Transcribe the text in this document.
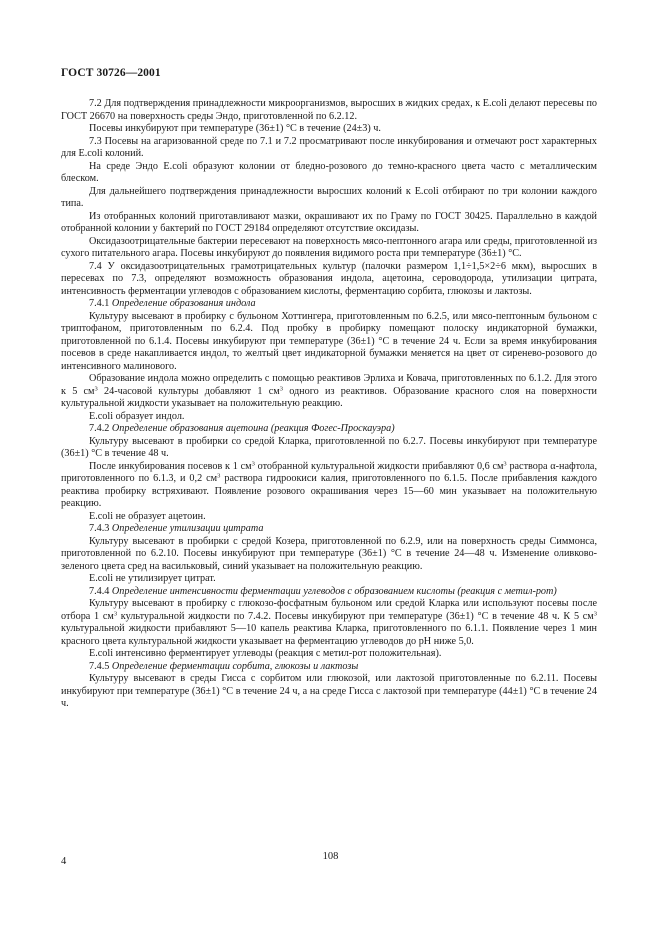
ГОСТ 30726—2001

7.2 Для подтверждения принадлежности микроорганизмов, выросших в жидких средах, к E.coli делают пересевы по ГОСТ 26670 на поверхность среды Эндо, приготовленной по 6.2.12.

Посевы инкубируют при температуре (36±1) °С в течение (24±3) ч.

7.3 Посевы на агаризованной среде по 7.1 и 7.2 просматривают после инкубирования и отмечают рост характерных для E.coli колоний.

На среде Эндо E.coli образуют колонии от бледно-розового до темно-красного цвета часто с металлическим блеском.

Для дальнейшего подтверждения принадлежности выросших колоний к E.coli отбирают по три колонии каждого типа.

Из отобранных колоний приготавливают мазки, окрашивают их по Граму по ГОСТ 30425. Параллельно в каждой отобранной колонии у бактерий по ГОСТ 29184 определяют отсутствие оксидазы.

Оксидазоотрицательные бактерии пересевают на поверхность мясо-пептонного агара или среды, приготовленной из сухого питательного агара. Посевы инкубируют до появления видимого роста при температуре (36±1) °С.

7.4 У оксидазоотрицательных грамотрицательных культур (палочки размером 1,1÷1,5×2÷6 мкм), выросших в пересевах по 7.3, определяют возможность образования индола, ацетоина, сероводорода, утилизации цитрата, интенсивность ферментации углеводов с образованием кислоты, ферментацию сорбита, глюкозы и лактозы.

7.4.1 Определение образования индола

Культуру высевают в пробирку с бульоном Хоттингера, приготовленным по 6.2.5, или мясо-пептонным бульоном с триптофаном, приготовленным по 6.2.4. Под пробку в пробирку помещают полоску индикаторной бумажки, приготовленной по 6.1.4. Посевы инкубируют при температуре (36±1) °С в течение 24 ч. Если за время инкубирования посевов в среде накапливается индол, то желтый цвет индикаторной бумажки меняется на цвет от сиренево-розового до интенсивного малинового.

Образование индола можно определить с помощью реактивов Эрлиха и Ковача, приготовленных по 6.1.2. Для этого к 5 $см^3$ 24-часовой культуры добавляют 1 $см^3$ одного из реактивов. Образование красного слоя на поверхности культуральной жидкости указывает на положительную реакцию.

E.coli образует индол.

7.4.2 Определение образования ацетоина (реакция Фогес-Проскауэра)

Культуру высевают в пробирки со средой Кларка, приготовленной по 6.2.7. Посевы инкубируют при температуре (36±1) °С в течение 48 ч.

После инкубирования посевов к 1 $см^3$ отобранной культуральной жидкости прибавляют 0,6 $см^3$ раствора α-нафтола, приготовленного по 6.1.3, и 0,2 $см^3$ раствора гидроокиси калия, приготовленного по 6.1.5. После прибавления каждого реактива пробирку встряхивают. Появление розового окрашивания через 15—60 мин указывает на положительную реакцию.

E.coli не образует ацетоин.

7.4.3 Определение утилизации цитрата

Культуру высевают в пробирки с средой Козера, приготовленной по 6.2.9, или на поверхность среды Симмонса, приготовленной по 6.2.10. Посевы инкубируют при температуре (36±1) °С в течение 24—48 ч. Изменение оливково-зеленого цвета сред на васильковый, синий указывает на положительную реакцию.

E.coli не утилизирует цитрат.

7.4.4 Определение интенсивности ферментации углеводов с образованием кислоты (реакция с метил-рот)

Культуру высевают в пробирку с глюкозо-фосфатным бульоном или средой Кларка или используют посевы после отбора 1 $см^3$ культуральной жидкости по 7.4.2. Посевы инкубируют при температуре (36±1) °С в течение 48 ч. К 5 $см^3$ культуральной жидкости прибавляют 5—10 капель реактива Кларка, приготовленного по 6.1.1. Появление через 1 мин красного цвета культуральной жидкости указывает на ферментацию углеводов до pH ниже 5,0.

E.coli интенсивно ферментирует углеводы (реакция с метил-рот положительная).

7.4.5 Определение ферментации сорбита, глюкозы и лактозы

Культуру высевают в среды Гисса с сорбитом или глюкозой, или лактозой приготовленные по 6.2.11. Посевы инкубируют при температуре (36±1) °С в течение 24 ч, а на среде Гисса с лактозой при температуре (44±1) °С в течение 24 ч.

4	108
